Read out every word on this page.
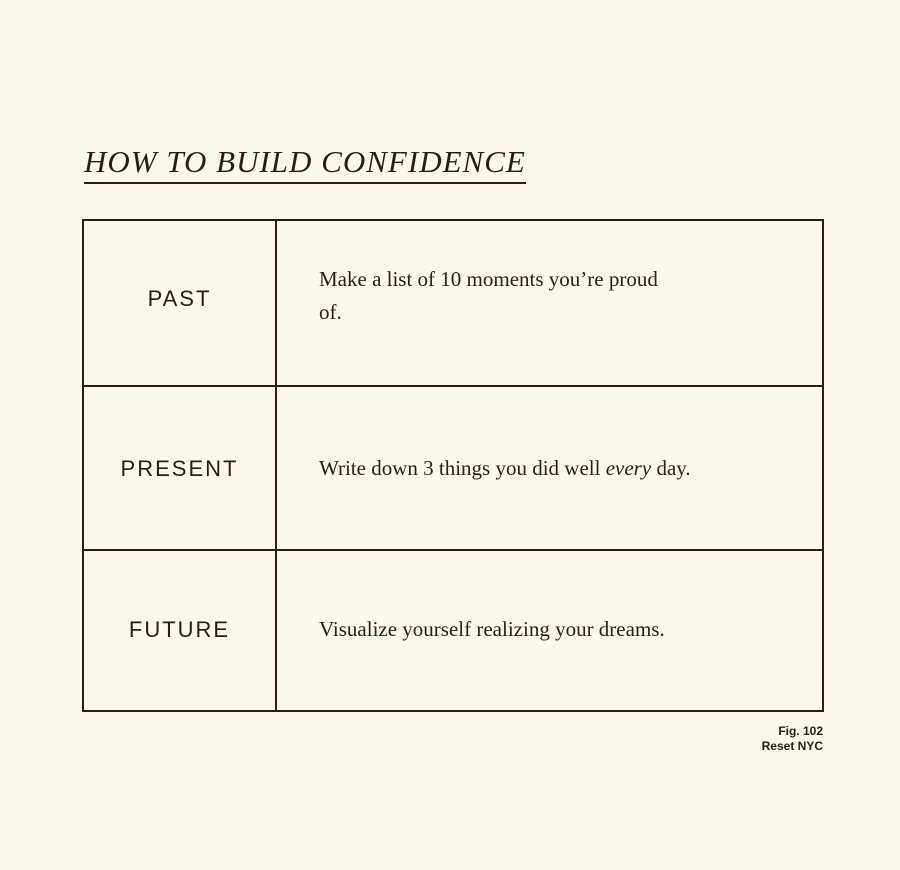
HOW TO BUILD CONFIDENCE
PAST
Make a list of 10 moments you’re proud of.
PRESENT	Write down 3 things you did well every day.
FUTURE	Visualize yourself realizing your dreams.
Fig. 102
Reset NYC
